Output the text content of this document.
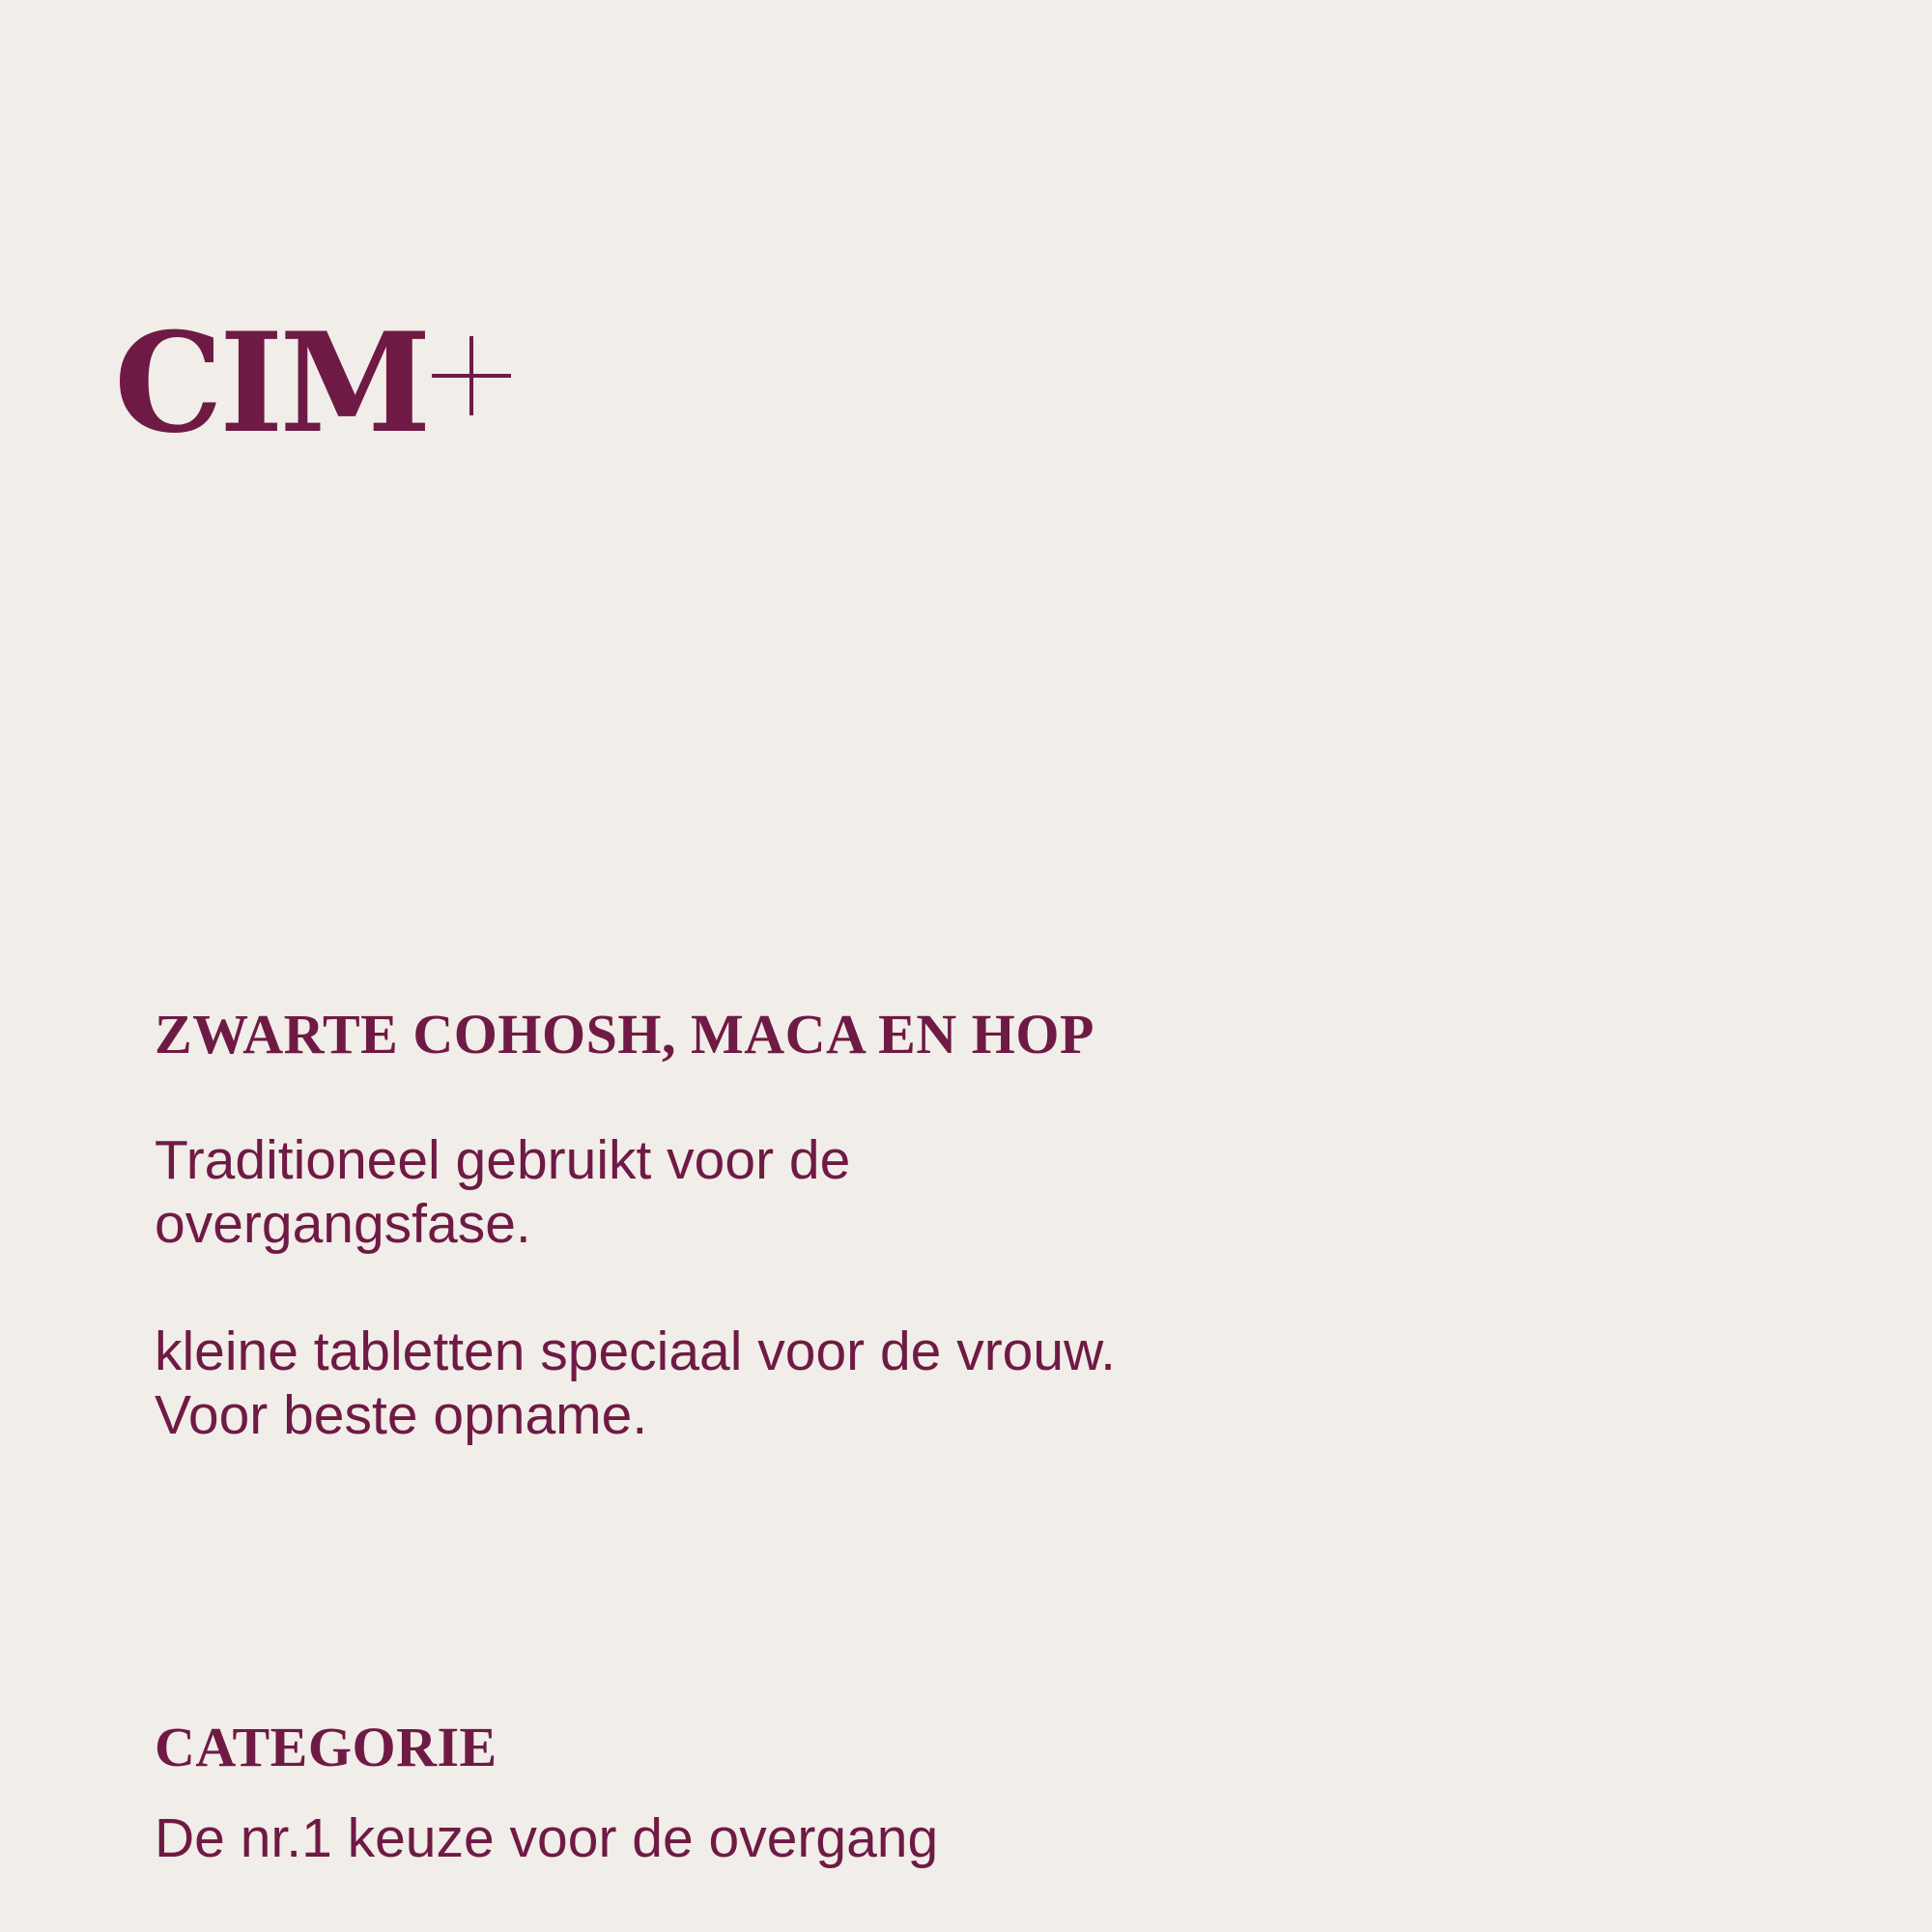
CIM
ZWARTE COHOSH, MACA EN HOP

Traditioneel gebruikt voor de overgangsfase.

kleine tabletten speciaal voor de vrouw. Voor beste opname.

CATEGORIE

De nr.1 keuze voor de overgang
